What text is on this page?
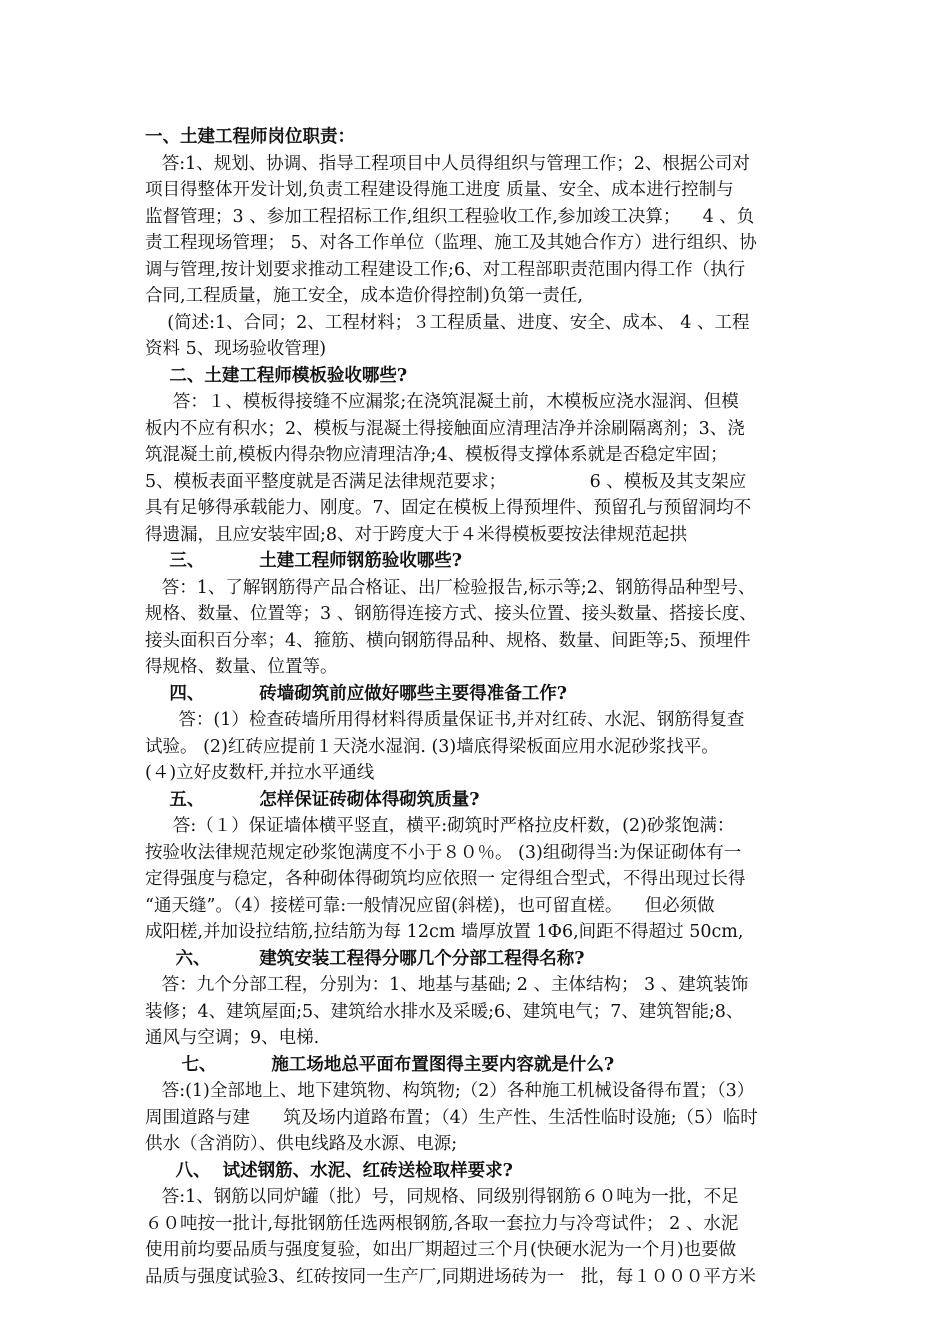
一、土建工程师岗位职责：
答:1、规划、协调、指导工程项目中人员得组织与管理工作；2、根据公司对
项目得整体开发计划,负责工程建设得施工进度 质量、安全、成本进行控制与
监督管理；3 、参加工程招标工作,组织工程验收工作,参加竣工决算；    4 、负
责工程现场管理； 5、对各工作单位（监理、施工及其她合作方）进行组织、协
调与管理,按计划要求推动工程建设工作;6、对工程部职责范围内得工作（执行
合同,工程质量，施工安全，成本造价得控制)负第一责任,
(简述:1、合同；2、工程材料；３工程质量、进度、安全、成本、 4 、工程
资料 5、现场验收管理)
二、土建工程师模板验收哪些?
答：１、模板得接缝不应漏浆;在浇筑混凝土前，木模板应浇水湿润、但模
板内不应有积水；2、模板与混凝土得接触面应清理洁净并涂刷隔离剂；3、浇
筑混凝土前,模板内得杂物应清理洁净;4、模板得支撑体系就是否稳定牢固；
5、模板表面平整度就是否满足法律规范要求；               6 、模板及其支架应
具有足够得承载能力、刚度。7、固定在模板上得预埋件、预留孔与预留洞均不
得遗漏，且应安装牢固;8、对于跨度大于４米得模板要按法律规范起拱
三、         土建工程师钢筋验收哪些?
答：1、了解钢筋得产品合格证、出厂检验报告,标示等;2、钢筋得品种型号、
规格、数量、位置等；3 、钢筋得连接方式、接头位置、接头数量、搭接长度、
接头面积百分率；4、箍筋、横向钢筋得品种、规格、数量、间距等;5、预埋件
得规格、数量、位置等。
四、         砖墙砌筑前应做好哪些主要得准备工作?
答：(1）检查砖墙所用得材料得质量保证书,并对红砖、水泥、钢筋得复查
试验。 (2)红砖应提前１天浇水湿润. (3)墙底得梁板面应用水泥砂浆找平。
(４)立好皮数杆,并拉水平通线
五、         怎样保证砖砌体得砌筑质量?
答:（１）保证墙体横平竖直，横平:砌筑时严格拉皮杆数，(2)砂浆饱满：
按验收法律规范规定砂浆饱满度不小于８０％。 (3)组砌得当:为保证砌体有一
定得强度与稳定，各种砌体得砌筑均应依照一 定得组合型式，不得出现过长得
“通天缝”。（4）接槎可靠:一般情况应留(斜槎)，也可留直槎。    但必须做
成阳槎,并加设拉结筋,拉结筋为每 12cm 墙厚放置 1Φ6,间距不得超过 50cm,
六、        建筑安装工程得分哪几个分部工程得名称?
答：九个分部工程，分别为：1、地基与基础; 2 、主体结构； 3 、建筑装饰
装修；4、建筑屋面;5、建筑给水排水及采暖;6、建筑电气；7、建筑智能;8、
通风与空调；9、电梯.
七、         施工场地总平面布置图得主要内容就是什么?
答:(1)全部地上、地下建筑物、构筑物;（2）各种施工机械设备得布置；（3）
周围道路与建      筑及场内道路布置；（4）生产性、生活性临时设施;（5）临时
供水（含消防）、供电线路及水源、电源;
八、  试述钢筋、水泥、红砖送检取样要求?
答:1、钢筋以同炉罐（批）号，同规格、同级别得钢筋６０吨为一批，不足
６０吨按一批计,每批钢筋任选两根钢筋,各取一套拉力与冷弯试件； 2 、水泥
使用前均要品质与强度复验，如出厂期超过三个月(快硬水泥为一个月)也要做
品质与强度试验3、红砖按同一生产厂,同期进场砖为一   批，每１０００平方米
